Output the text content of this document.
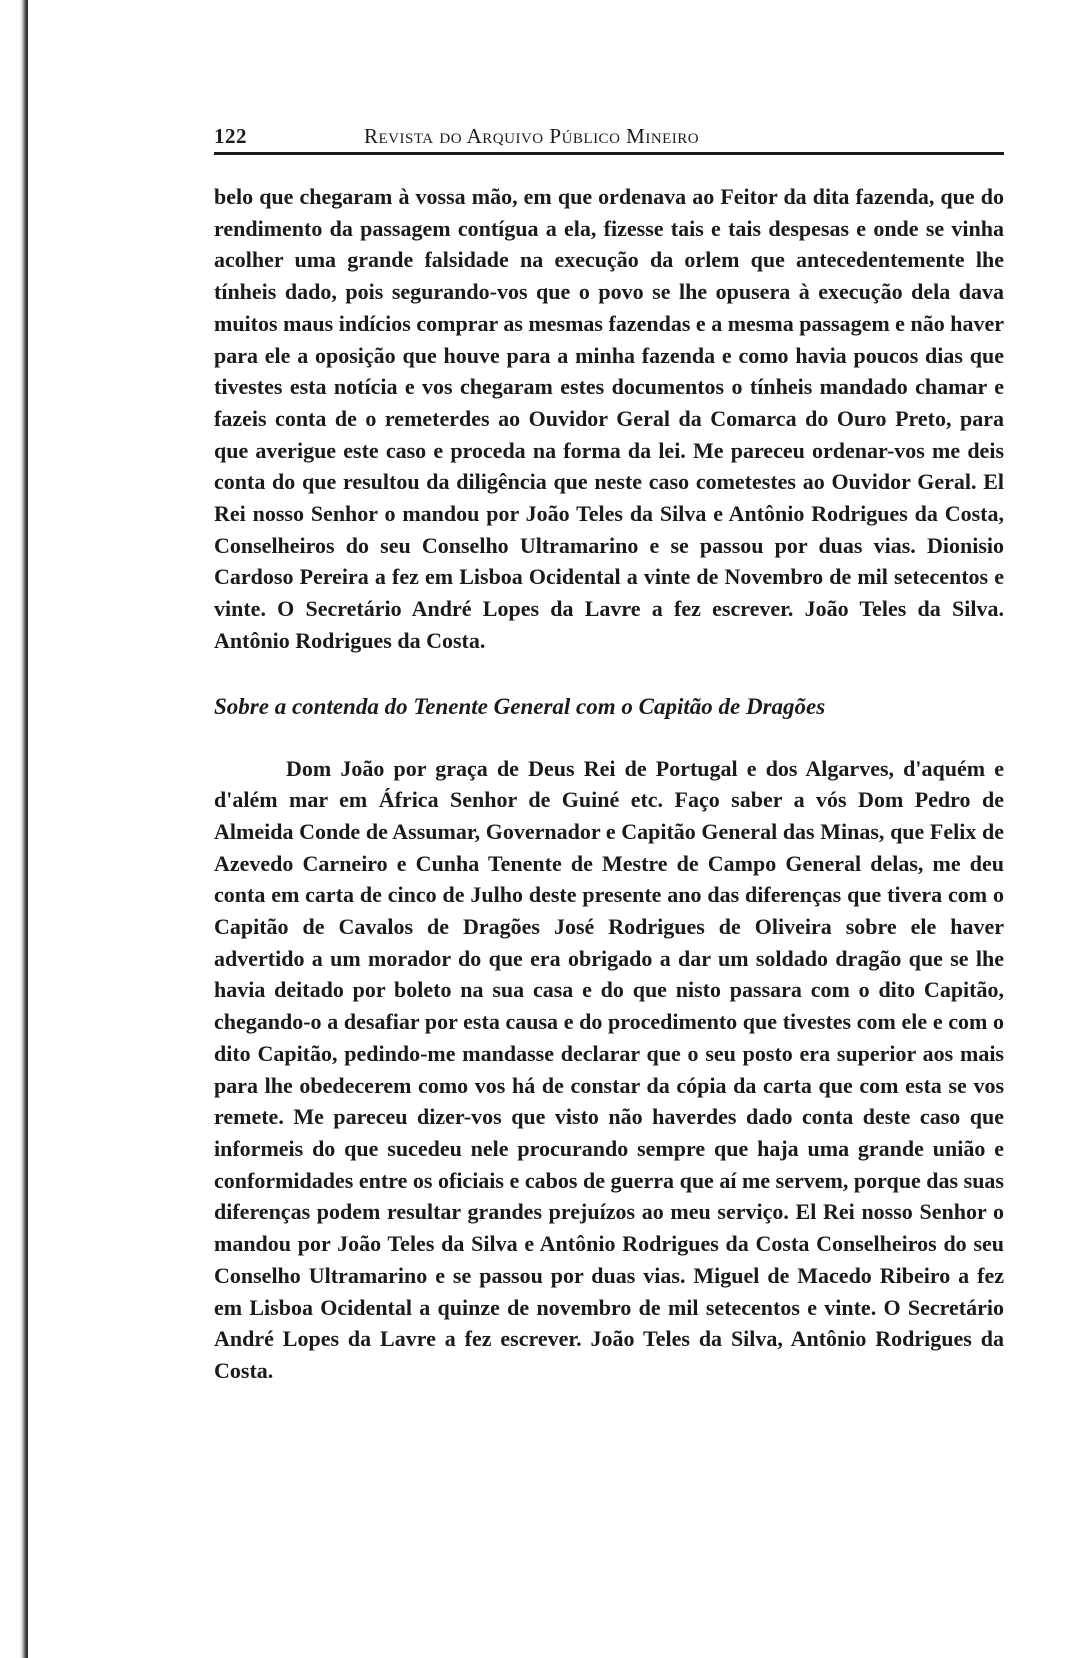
122	Revista do Arquivo Público Mineiro

belo que chegaram à vossa mão, em que ordenava ao Feitor da dita fazenda, que do rendimento da passagem contígua a ela, fizesse tais e tais despesas e onde se vinha acolher uma grande falsidade na execução da orlem que antecedentemente lhe tínheis dado, pois segurando-vos que o povo se lhe opusera à execução dela dava muitos maus indícios comprar as mesmas fazendas e a mesma passagem e não haver para ele a oposição que houve para a minha fazenda e como havia poucos dias que tivestes esta notícia e vos chegaram estes documentos o tínheis mandado chamar e fazeis conta de o remeterdes ao Ouvidor Geral da Comarca do Ouro Preto, para que averigue este caso e proceda na forma da lei. Me pareceu ordenar-vos me deis conta do que resultou da diligência que neste caso cometestes ao Ouvidor Geral. El Rei nosso Senhor o mandou por João Teles da Silva e Antônio Rodrigues da Costa, Conselheiros do seu Conselho Ultramarino e se passou por duas vias. Dionisio Cardoso Pereira a fez em Lisboa Ocidental a vinte de Novembro de mil setecentos e vinte. O Secretário André Lopes da Lavre a fez escrever. João Teles da Silva. Antônio Rodrigues da Costa.

Sobre a contenda do Tenente General com o Capitão de Dragões

Dom João por graça de Deus Rei de Portugal e dos Algarves, d'aquém e d'além mar em África Senhor de Guiné etc. Faço saber a vós Dom Pedro de Almeida Conde de Assumar, Governador e Capitão General das Minas, que Felix de Azevedo Carneiro e Cunha Tenente de Mestre de Campo General delas, me deu conta em carta de cinco de Julho deste presente ano das diferenças que tivera com o Capitão de Cavalos de Dragões José Rodrigues de Oliveira sobre ele haver advertido a um morador do que era obrigado a dar um soldado dragão que se lhe havia deitado por boleto na sua casa e do que nisto passara com o dito Capitão, chegando-o a desafiar por esta causa e do procedimento que tivestes com ele e com o dito Capitão, pedindo-me mandasse declarar que o seu posto era superior aos mais para lhe obedecerem como vos há de constar da cópia da carta que com esta se vos remete. Me pareceu dizer-vos que visto não haverdes dado conta deste caso que informeis do que sucedeu nele procurando sempre que haja uma grande união e conformidades entre os oficiais e cabos de guerra que aí me servem, porque das suas diferenças podem resultar grandes prejuízos ao meu serviço. El Rei nosso Senhor o mandou por João Teles da Silva e Antônio Rodrigues da Costa Conselheiros do seu Conselho Ultramarino e se passou por duas vias. Miguel de Macedo Ribeiro a fez em Lisboa Ocidental a quinze de novembro de mil setecentos e vinte. O Secretário André Lopes da Lavre a fez escrever. João Teles da Silva, Antônio Rodrigues da Costa.
